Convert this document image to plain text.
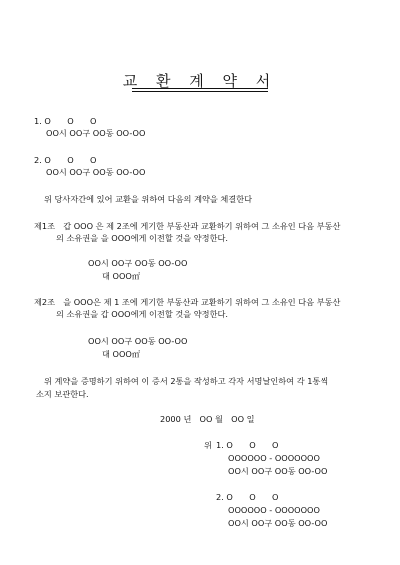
교 환 계 약 서
1. O　　O　　O
OO시 OO구 OO동 OO-OO
2. O　　O　　O
OO시 OO구 OO동 OO-OO
위 당사자간에 있어 교환을 위하여 다음의 계약을 체결한다
제1조　갑 OOO 은 제 2조에 게기한 부동산과 교환하기 위하여 그 소유인 다음 부동산
의 소유권을 을 OOO에게 이전할 것을 약정한다.
OO시 OO구 OO동 OO-OO
대 OOO㎡
제2조　을 OOO은 제 1 조에 게기한 부동산과 교환하기 위하여 그 소유인 다음 부동산
의 소유권을 갑 OOO에게 이전할 것을 약정한다.
OO시 OO구 OO동 OO-OO
대 OOO㎡
위 계약을 증명하기 위하여 이 증서 2통을 작성하고 각자 서명날인하여 각 1통씩
소지 보관한다.
2000 년　OO 월　OO 일
위 1. O　　O　　O
OOOOOO - OOOOOOO
OO시 OO구 OO동 OO-OO
2. O　　O　　O
OOOOOO - OOOOOOO
OO시 OO구 OO동 OO-OO
